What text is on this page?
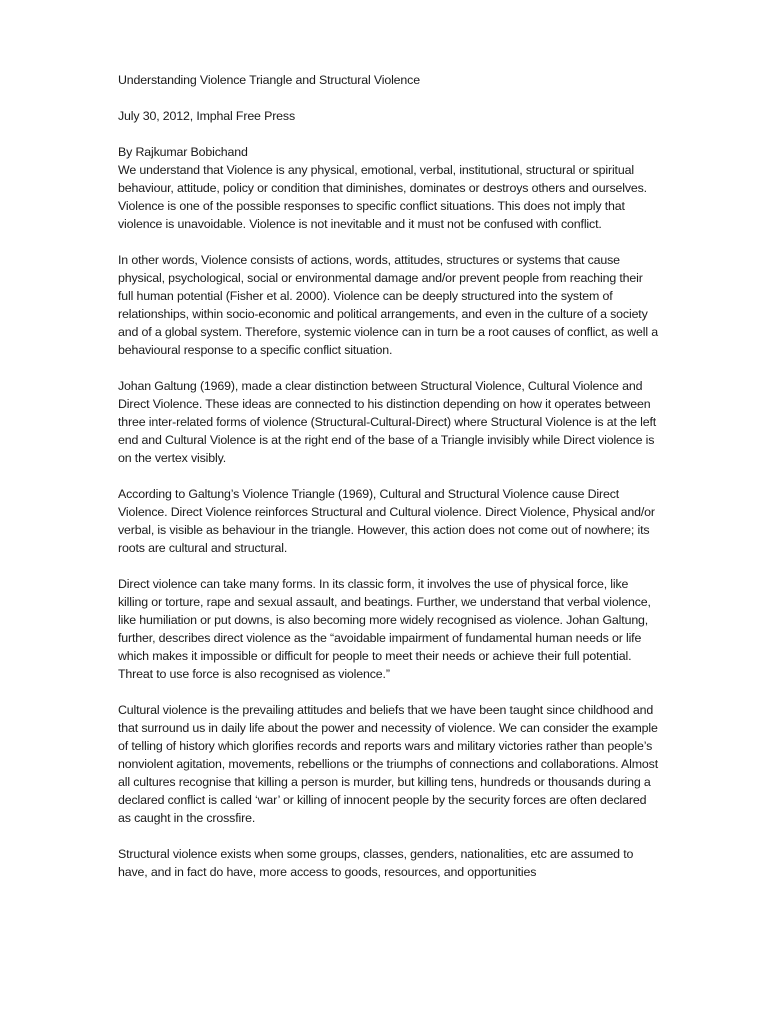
Understanding Violence Triangle and Structural Violence

July 30, 2012, Imphal Free Press

By Rajkumar Bobichand

We understand that Violence is any physical, emotional, verbal, institutional, structural or spiritual behaviour, attitude, policy or condition that diminishes, dominates or destroys others and ourselves. Violence is one of the possible responses to specific conflict situations. This does not imply that violence is unavoidable. Violence is not inevitable and it must not be confused with conflict.

In other words, Violence consists of actions, words, attitudes, structures or systems that cause physical, psychological, social or environmental damage and/or prevent people from reaching their full human potential (Fisher et al. 2000). Violence can be deeply structured into the system of relationships, within socio-economic and political arrangements, and even in the culture of a society and of a global system. Therefore, systemic violence can in turn be a root causes of conflict, as well a behavioural response to a specific conflict situation.

Johan Galtung (1969), made a clear distinction between Structural Violence, Cultural Violence and Direct Violence. These ideas are connected to his distinction depending on how it operates between three inter-related forms of violence (Structural-Cultural-Direct) where Structural Violence is at the left end and Cultural Violence is at the right end of the base of a Triangle invisibly while Direct violence is on the vertex visibly.

According to Galtung’s Violence Triangle (1969), Cultural and Structural Violence cause Direct Violence. Direct Violence reinforces Structural and Cultural violence. Direct Violence, Physical and/or verbal, is visible as behaviour in the triangle. However, this action does not come out of nowhere; its roots are cultural and structural.

Direct violence can take many forms. In its classic form, it involves the use of physical force, like killing or torture, rape and sexual assault, and beatings. Further, we understand that verbal violence, like humiliation or put downs, is also becoming more widely recognised as violence. Johan Galtung, further, describes direct violence as the “avoidable impairment of fundamental human needs or life which makes it impossible or difficult for people to meet their needs or achieve their full potential. Threat to use force is also recognised as violence.”

Cultural violence is the prevailing attitudes and beliefs that we have been taught since childhood and that surround us in daily life about the power and necessity of violence. We can consider the example of telling of history which glorifies records and reports wars and military victories rather than people’s nonviolent agitation, movements, rebellions or the triumphs of connections and collaborations. Almost all cultures recognise that killing a person is murder, but killing tens, hundreds or thousands during a declared conflict is called ‘war’ or killing of innocent people by the security forces are often declared as caught in the crossfire.

Structural violence exists when some groups, classes, genders, nationalities, etc are assumed to have, and in fact do have, more access to goods, resources, and opportunities
